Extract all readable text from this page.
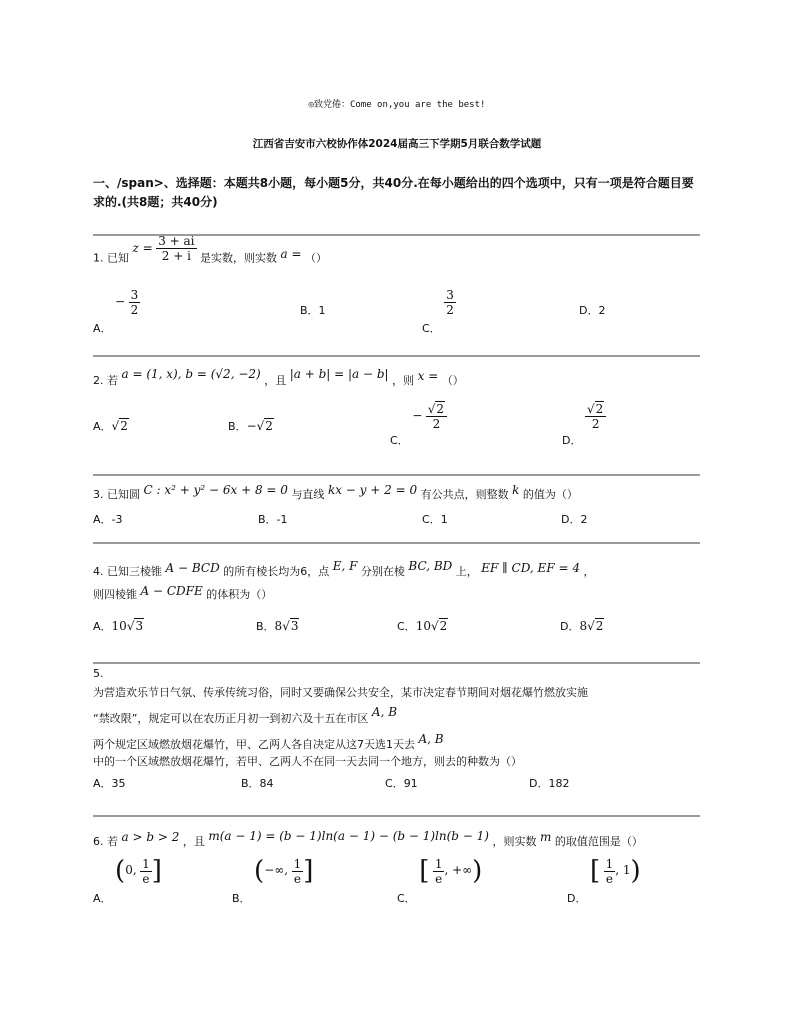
◎致党倦：Come on,you are the best!
江西省吉安市六校协作体2024届高三下学期5月联合数学试题
一、/span>、选择题：本题共8小题，每小题5分，共40分.在每小题给出的四个选项中，只有一项是符合题目要求的.(共8题；共40分)
1. 已知 $z = \frac{3 + ai}{2 + i}$ 是实数，则实数 a = （）
A． − $\frac{3}{2}$	B．1
C．
$\frac{3}{2}$	D．2
2. 若 a = (1, x), b = (√2, −2) ，且 |a + b| = |a − b| ，则 x = （）
A．√2	B．−√2
C． − $\frac{√2}{2}$
D．
$\frac{√2}{2}$
3. 已知圆 C : x² + y² − 6x + 8 = 0 与直线 kx − y + 2 = 0 有公共点，则整数 k 的值为（）
A．-3	B．-1	C．1	D．2
4. 已知三棱锥 A − BCD 的所有棱长均为6，点 E, F 分别在棱 BC, BD 上， EF ∥ CD, EF = 4 ，
则四棱锥 A − CDFE 的体积为（）
A．10√3	B．8√3	C．10√2	D．8√2
5.
为营造欢乐节日气氛、传承传统习俗，同时又要确保公共安全，某市决定春节期间对烟花爆竹燃放实施
“禁改限”，规定可以在农历正月初一到初六及十五在市区 A, B
两个规定区域燃放烟花爆竹，甲、乙两人各自决定从这7天选1天去 A, B
中的一个区域燃放烟花爆竹，若甲、乙两人不在同一天去同一个地方，则去的种数为（）
A．35	B．84	C．91	D．182
6. 若 a > b > 2 ，且 m(a − 1) = (b − 1)ln(a − 1) − (b − 1)ln(b − 1) ，则实数 m 的取值范围是（）
A． (0, $\frac{1}{e}$ ]
B． (−∞, $\frac{1}{e}$ ]
C． [ $\frac{1}{e}$ , +∞)
D． [ $\frac{1}{e}$ , 1)
